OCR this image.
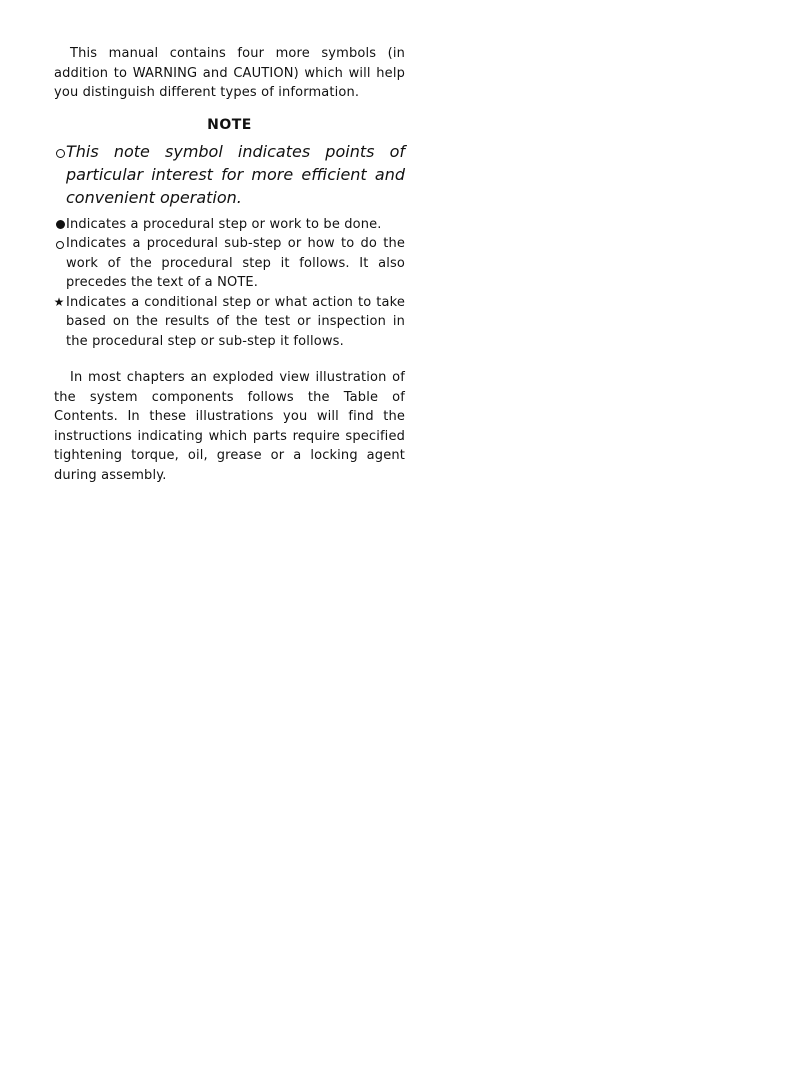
This manual contains four more symbols (in addition to WARNING and CAUTION) which will help you distinguish different types of information.

NOTE
This note symbol indicates points of particular interest for more efficient and convenient operation.
Indicates a procedural step or work to be done.
Indicates a procedural sub-step or how to do the work of the procedural step it follows. It also precedes the text of a NOTE.
★ Indicates a conditional step or what action to take based on the results of the test or inspection in the procedural step or sub-step it follows.

In most chapters an exploded view illustration of the system components follows the Table of Contents. In these illustrations you will find the instructions indicating which parts require specified tightening torque, oil, grease or a locking agent during assembly.
